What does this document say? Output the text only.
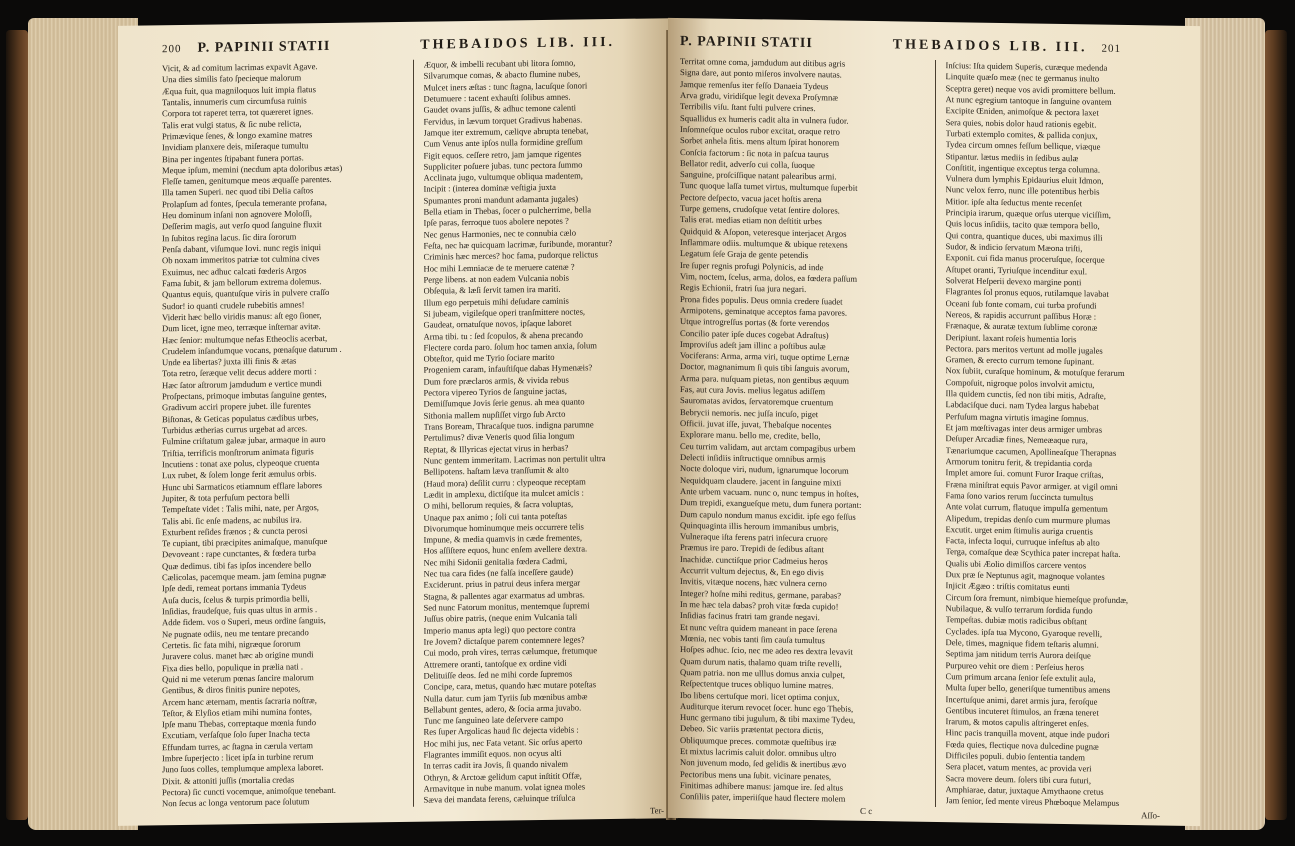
200 P. PAPINII STATII	THEBAIDOS LIB. III.
Vicit, & ad comitum lacrimas expavit Agave.
Una dies similis fato ſpecieque malorum
Æqua fuit, qua magniloquos luit impia flatus
Tantalis, innumeris cum circumfusa ruinis
Corpora tot raperet terra, tot quæreret ignes.
Talis erat vulgi status, & ſic nube relicta,
Primævique ſenes, & longo examine matres
Invidiam planxere deis, miſeraque tumultu
Bina per ingentes ſtipabant funera portas.
Meque ipſum, memini (necdum apta doloribus ætas)
Fleſſe tamen, genitumque meos æquaſſe parentes.
Illa tamen Superi. nec quod tibi Delia caſtos
Prolapſum ad fontes, ſpecula temerante profana,
Heu dominum inſani non agnovere Moloſſi,
Deſſerim magis, aut verſo quod ſanguine fluxit
In ſubitos regina lacus. ſic dira ſororum
Penſa dabant, viſumque Iovi. nunc regis iniqui
Ob noxam immeritos patriæ tot culmina cives
Exuimus, nec adhuc calcati fœderis Argos
Fama ſubit, & jam bellorum extrema dolemus.
Quantus equis, quantuſque viris in pulvere craſſo
Sudor! io quanti crudele rubebitis amnes!
Viderit hæc bello viridis manus: aſt ego ſioner,
Dum licet, igne meo, terræque inſternar avitæ.
Hæc ſenior: multumque nefas Etheoclis acerbat,
Crudelem inſandumque vocans, pœnaſque daturum .
Unde ea libertas? juxta illi finis & ætas
Tota retro, ſeræque velit decus addere morti :
Hæc ſator aſtrorum jamdudum e vertice mundi
Proſpectans, primoque imbutas ſanguine gentes,
Gradivum acciri propere jubet. ille furentes
Biſtonas, & Geticas populatus cædibus urbes,
Turbidus ætherias currus urgebat ad arces.
Fulmine criſtatum galeæ jubar, armaque in auro
Triſtia, terrificis monſtrorum animata figuris
Incutiens : tonat axe polus, clypeoque cruenta
Lux rubet, & ſolem longe ferit æmulus orbis.
Hunc ubi Sarmaticos etiamnum efflare labores
Jupiter, & tota perfuſum pectora belli
Tempeſtate videt : Talis mihi, nate, per Argos,
Talis abi. ſic enſe madens, ac nubilus ira.
Exturbent reſides frænos ; & cuncta perosi
Te cupiant, tibi præcipites animaſque, manuſque
Devoveant : rape cunctantes, & fœdera turba
Quæ dedimus. tibi fas ipſos incendere bello
Cælicolas, pacemque meam. jam ſemina pugnæ
Ipſe dedi, remeat portans immania Tydeus
Auſa ducis, ſcelus & turpis primordia belli,
Inſidias, fraudeſque, fuis quas ultus in armis .
Adde fidem. vos o Superi, meus ordine ſanguis,
Ne pugnate odiis, neu me tentare precando
Certetis. ſic fata mihi, nigræque ſororum
Juravere colus. manet hæc ab origine mundi
Fixa dies bello, populique in prælia nati .
Quid ni me veterum pœnas ſancire malorum
Gentibus, & diros finitis punire nepotes,
Arcem hanc æternam, mentis ſacraria noſtræ,
Teſtor, & Elyſios etiam mihi numina fontes,
Ipſe manu Thebas, correptaque mœnia fundo
Excutiam, verſaſque ſolo ſuper Inacha tecta
Effundam turres, ac ſtagna in cærula vertam
Imbre ſuperjecto : licet ipſa in turbine rerum
Juno ſuos colles, templumque amplexa laboret.
Dixit. & attoniti juſſis (mortalia credas
Pectora) ſic cuncti vocemque, animoſque tenebant.
Non ſecus ac longa ventorum pace ſolutum
Æquor, & imbelli recubant ubi litora ſomno,
Silvarumque comas, & abacto flumine nubes,
Mulcet iners æſtas : tunc ſtagna, lacuſque ſonori
Detumuere : tacent exhauſti ſolibus amnes.
Gaudet ovans juſſis, & adhuc temone calenti
Fervidus, in lævum torquet Gradivus habenas.
Jamque iter extremum, cæliqve abrupta tenebat,
Cum Venus ante ipſos nulla formidine greſſum
Figit equos. ceſſere retro, jam jamque rigentes
Suppliciter poſuere jubas. tunc pectora ſummo
Acclinata jugo, vultumque obliqua madentem,
Incipit : (interea dominæ veſtigia juxta
Spumantes proni mandunt adamanta jugales)
Bella etiam in Thebas, ſocer o pulcherrime, bella
Ipſe paras, ferroque tuos abolere nepotes ?
Nec genus Harmonies, nec te connubia cælo
Feſta, nec hæ quicquam lacrimæ, furibunde, morantur?
Criminis hæc merces? hoc fama, pudorque relictus
Hoc mihi Lemniacæ de te meruere catenæ ?
Perge libens. at non eadem Vulcania nobis
Obſequia, & læſi ſervit tamen ira mariti.
Illum ego perpetuis mihi deſudare caminis
Si jubeam, vigileſque operi tranſmittere noctes,
Gaudeat, ornatuſque novos, ipſaque laboret
Arma tibi. tu : ſed ſcopulos, & ahena precando
Flectere corda paro. ſolum hoc tamen anxia, ſolum
Obteſtor, quid me Tyrio ſociare marito
Progeniem caram, infauſtiſque dabas Hymenæis?
Dum fore præclaros armis, & vivida rebus
Pectora vipereo Tyrios de ſanguine jactas,
Demiſſumque Jovis ſerie genus. ah mea quanto
Sithonia mallem nupſiſſet virgo ſub Arcto
Trans Boream, Thracaſque tuos. indigna parumne
Pertulimus? divæ Veneris quod ſilia longum
Reptat, & Illyricas ejectat virus in herbas?
Nunc gentem immeritam. Lacrimas non pertulit ultra
Bellipotens. haſtam læva tranſſumit & alto
(Haud mora) deſilit curru : clypeoque receptam
Lædit in amplexu, dictiſque ita mulcet amicis :
O mihi, bellorum requies, & ſacra voluptas,
Unaque pax animo ; ſoli cui tanta poteſtas
Divorumque hominumque meis occurrere telis
Impune, & media quamvis in cæde frementes,
Hos aſſiſtere equos, hunc enſem avellere dextra.
Nec mihi Sidonii genitalia fœdera Cadmi,
Nec tua cara fides (ne falſa inceſſere gaude)
Exciderunt. prius in patrui deus infera mergar
Stagna, & pallentes agar exarmatus ad umbras.
Sed nunc Fatorum monitus, mentemque ſupremi
Juſſus obire patris, (neque enim Vulcania tali
Imperio manus apta legi) quo pectore contra
Ire Jovem? dictaſque parem contemnere leges?
Cui modo, proh vires, terras cælumque, fretumque
Attremere oranti, tantoſque ex ordine vidi
Delituiſſe deos. ſed ne mihi corde ſupremos
Concipe, cara, metus, quando hæc mutare poteſtas
Nulla datur. cum jam Tyriis ſub mœnibus ambæ
Bellabunt gentes, adero, & ſocia arma juvabo.
Tunc me ſanguineo late deſervere campo
Res ſuper Argolicas haud ſic dejecta videbis :
Hoc mihi jus, nec Fata vetant. Sic orſus aperto
Flagrantes immiſit equos. non ocyus alti
In terras cadit ira Jovis, ſi quando nivalem
Othryn, & Arctoæ gelidum caput inſtitit Offæ,
Armavitque in nube manum. volat ignea moles
Sæva dei mandata ferens, cæluinque triſulca
Ter-
P. PAPINII STATII	THEBAIDOS LIB. III. 201
Territat omne coma, jamdudum aut ditibus agris
Signa dare, aut ponto miſeros involvere nautas.
Jamque remenſus iter feſſo Danaeia Tydeus
Arva gradu, viridiſque legit devexa Proſymnæ
Terribilis viſu. ſtant fulti pulvere crines.
Squallidus ex humeris cadit alta in vulnera ſudor.
Inſomneſque oculos rubor excitat, oraque retro
Sorbet anhela ſitis. mens altum ſpirat honorem
Conſcia factorum : ſic nota in paſcua taurus
Bellator redit, adverſo cui colla, ſuoque
Sanguine, proſciſſique natant palearibus armi.
Tunc quoque laſſa tumet virtus, multumque ſuperbit
Pectore deſpecto, vacua jacet hoſtis arena
Turpe gemens, crudoſque vetat ſentire dolores.
Talis erat. medias etiam non deſtitit urbes
Quidquid & Aſopon, veteresque interjacet Argos
Inflammare odiis. multumque & ubique retexens
Legatum ſeſe Graja de gente petendis
Ire ſuper regnis profugi Polynicis, ad inde
Vim, noctem, ſcelus, arma, dolos, ea fœdera paſſum
Regis Echionii, fratri ſua jura negari.
Prona fides populis. Deus omnia credere ſuadet
Armipotens, geminatque acceptos fama pavores.
Utque introgreſſus portas (& forte verendos
Concilio pater ipſe duces cogebat Adraſtus)
Improviſus adeſt jam illinc a poſtibus aulæ
Vociferans: Arma, arma viri, tuque optime Lernæ
Doctor, magnanimum ſi quis tibi ſanguis avorum,
Arma para. nuſquam pietas, non gentibus æquum
Fas, aut cura Jovis. melius legatus adiſſem
Sauromatas avidos, ſervatoremque cruentum
Bebrycii nemoris. nec juſſa incuſo, piget
Officii. juvat iſſe, juvat, Thebaſque nocentes
Explorare manu. bello me, credite, bello,
Ceu turrim validam, aut arctam compagibus urbem
Delecti inſidiis inſtructique omnibus armis
Nocte doloque viri, nudum, ignarumque locorum
Nequidquam claudere. jacent in ſanguine mixti
Ante urbem vacuam. nunc o, nunc tempus in hoſtes,
Dum trepidi, exangueſque metu, dum funera portant:
Dum capulo nondum manus excidit. ipſe ego feſſus
Quinquaginta illis heroum immanibus umbris,
Vulneraque iſta ferens patri inſecura cruore
Præmus ire paro. Trepidi de ſedibus aſtant
Inachidæ. cunctiſque prior Cadmeius heros
Accurrit vultum dejectus, &, En ego divis
Invitis, vitæque nocens, hæc vulnera cerno
Integer? hoſne mihi reditus, germane, parabas?
In me hæc tela dabas? proh vitæ fœda cupido!
Inſidias facinus fratri tam grande negavi.
Et nunc veſtra quidem maneant in pace ſerena
Mœnia, nec vobis tanti ſim cauſa tumultus
Hoſpes adhuc. ſcio, nec me adeo res dextra levavit
Quam durum natis, thalamo quam triſte revelli,
Quam patria. non me ulllus domus anxia culpet,
Reſpectentque truces obliquo lumine matres.
Ibo libens certuſque mori. licet optima conjux,
Auditurque iterum revocet ſocer. hunc ego Thebis,
Hunc germano tibi jugulum, & tibi maxime Tydeu,
Debeo. Sic variis prætentat pectora dictis,
Obliquumque preces. commotæ queſtibus iræ
Et mixtus lacrimis caluit dolor. omnibus ultro
Non juvenum modo, ſed gelidis & inertibus ævo
Pectoribus mens una ſubit. vicinare penates,
Finitimas adhibere manus: jamque ire. ſed altus
Conſiliis pater, imperiiſque haud flectere molem
Inſcius: Iſta quidem Superis, curæque medenda
Linquite quæſo meæ (nec te germanus inulto
Sceptra geret) neque vos avidi promittere bellum.
At nunc egregium tantoque in ſanguine ovantem
Excipite Œniden, animoſque & pectora laxet
Sera quies, nobis dolor haud rationis egebit.
Turbati extemplo comites, & pallida conjux,
Tydea circum omnes feſſum bellique, viæque
Stipantur. lætus mediis in ſedibus aulæ
Conſtitit, ingentique exceptus terga columna.
Vulnera dum lymphis Epidaurius eluit Idmon,
Nunc velox ferro, nunc ille potentibus herbis
Mitior. ipſe alta ſeductus mente recenſet
Principia irarum, quæque orſus uterque viciſſim,
Quis locus inſidiis, tacito quæ tempora bello,
Qui contra, quantique duces, ubi maximus illi
Sudor, & indicio ſervatum Mæona triſti,
Exponit. cui fida manus proceruſque, ſocerque
Aſtupet oranti, Tyriuſque incenditur exul.
Solverat Heſperii devexo margine ponti
Flagrantes ſol pronus equos, rutilamque lavabat
Oceani ſub fonte comam, cui turba profundi
Nereos, & rapidis accurrunt paſſibus Horæ :
Frænaque, & auratæ textum ſublime coronæ
Deripiunt. laxant roſeis humentia loris
Pectora. pars meritos vertunt ad molle jugales
Gramen, & erecto currum temone ſupinant.
Nox ſubiit, curaſque hominum, & motuſque ferarum
Compoſuit, nigroque polos involvit amictu,
Illa quidem cunctis, ſed non tibi mitis, Adraſte,
Labdaciſque duci. nam Tydea largus habebat
Perfuſum magna virtutis imagine ſomnus.
Et jam mœſtivagas inter deus armiger umbras
Deſuper Arcadiæ fines, Nemeæaque rura,
Tænariumque cacumen, Apollineaſque Therapnas
Armorum tonitru ferit, & trepidantia corda
Implet amore ſui. comunt Furor Iraque criſtas,
Fræna miniſtrat equis Pavor armiger. at vigil omni
Fama ſono varios rerum ſuccincta tumultus
Ante volat currum, flatuque impulſa gementum
Alipedum, trepidas denſo cum murmure plumas
Excutit. urget enim ſtimulis auriga cruentis
Facta, infecta loqui, curruque infeſtus ab alto
Terga, comaſque deæ Scythica pater increpat haſta.
Qualis ubi Æolio dimiſſos carcere ventos
Dux præ ſe Neptunus agit, magnoque volantes
Injicit Ægæo : triſtis comitatus eunti
Circum ſora fremunt, nimbique hiemeſque profundæ,
Nubilaque, & vulſo terrarum ſordida fundo
Tempeſtas. dubiæ motis radicibus obſtant
Cyclades. ipſa tua Mycono, Gyaroque revelli,
Dele, times, magnique fidem teſtaris alumni.
Septima jam nitidum terris Aurora deiſque
Purpureo vehit ore diem : Perſeius heros
Cum primum arcana ſenior ſeſe extulit aula,
Multa ſuper bello, generiſque tumentibus amens
Incertuſque animi, daret armis jura, feroſque
Gentibus incuteret ſtimulos, an fræna teneret
Irarum, & motos capulis aſtringeret enſes.
Hinc pacis tranquilla movent, atque inde pudori
Fœda quies, flectique nova dulcedine pugnæ
Difficiles populi. dubio ſententia tandem
Sera placet, vatum mentes, ac provida veri
Sacra movere deum. ſolers tibi cura futuri,
Amphiarae, datur, juxtaque Amythaone cretus
Jam ſenior, ſed mente vireus Phœboque Melampus
C c	Aſſo-
